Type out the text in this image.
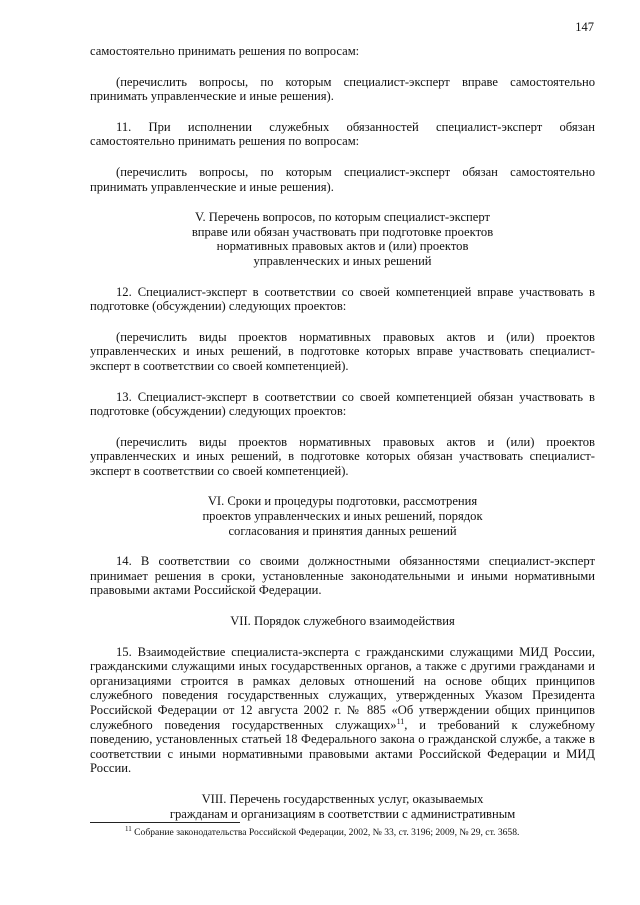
147

самостоятельно принимать решения по вопросам:

(перечислить вопросы, по которым специалист-эксперт вправе самостоятельно принимать управленческие и иные решения).

11. При исполнении служебных обязанностей специалист-эксперт обязан самостоятельно принимать решения по вопросам:

(перечислить вопросы, по которым специалист-эксперт обязан самостоятельно принимать управленческие и иные решения).

V. Перечень вопросов, по которым специалист-эксперт
вправе или обязан участвовать при подготовке проектов
нормативных правовых актов и (или) проектов
управленческих и иных решений

12. Специалист-эксперт в соответствии со своей компетенцией вправе участвовать в подготовке (обсуждении) следующих проектов:

(перечислить виды проектов нормативных правовых актов и (или) проектов управленческих и иных решений, в подготовке которых вправе участвовать специалист-эксперт в соответствии со своей компетенцией).

13. Специалист-эксперт в соответствии со своей компетенцией обязан участвовать в подготовке (обсуждении) следующих проектов:

(перечислить виды проектов нормативных правовых актов и (или) проектов управленческих и иных решений, в подготовке которых обязан участвовать специалист-эксперт в соответствии со своей компетенцией).

VI. Сроки и процедуры подготовки, рассмотрения
проектов управленческих и иных решений, порядок
согласования и принятия данных решений

14. В соответствии со своими должностными обязанностями специалист-эксперт принимает решения в сроки, установленные законодательными и иными нормативными правовыми актами Российской Федерации.

VII. Порядок служебного взаимодействия

15. Взаимодействие специалиста-эксперта с гражданскими служащими МИД России, гражданскими служащими иных государственных органов, а также с другими гражданами и организациями строится в рамках деловых отношений на основе общих принципов служебного поведения государственных служащих, утвержденных Указом Президента Российской Федерации от 12 августа 2002 г. № 885 «Об утверждении общих принципов служебного поведения государственных служащих»$^{11}$, и требований к служебному поведению, установленных статьей 18 Федерального закона о гражданской службе, а также в соответствии с иными нормативными правовыми актами Российской Федерации и МИД России.

VIII. Перечень государственных услуг, оказываемых
гражданам и организациям в соответствии с административным
$^{11}$ Собрание законодательства Российской Федерации, 2002, № 33, ст. 3196; 2009, № 29, ст. 3658.
